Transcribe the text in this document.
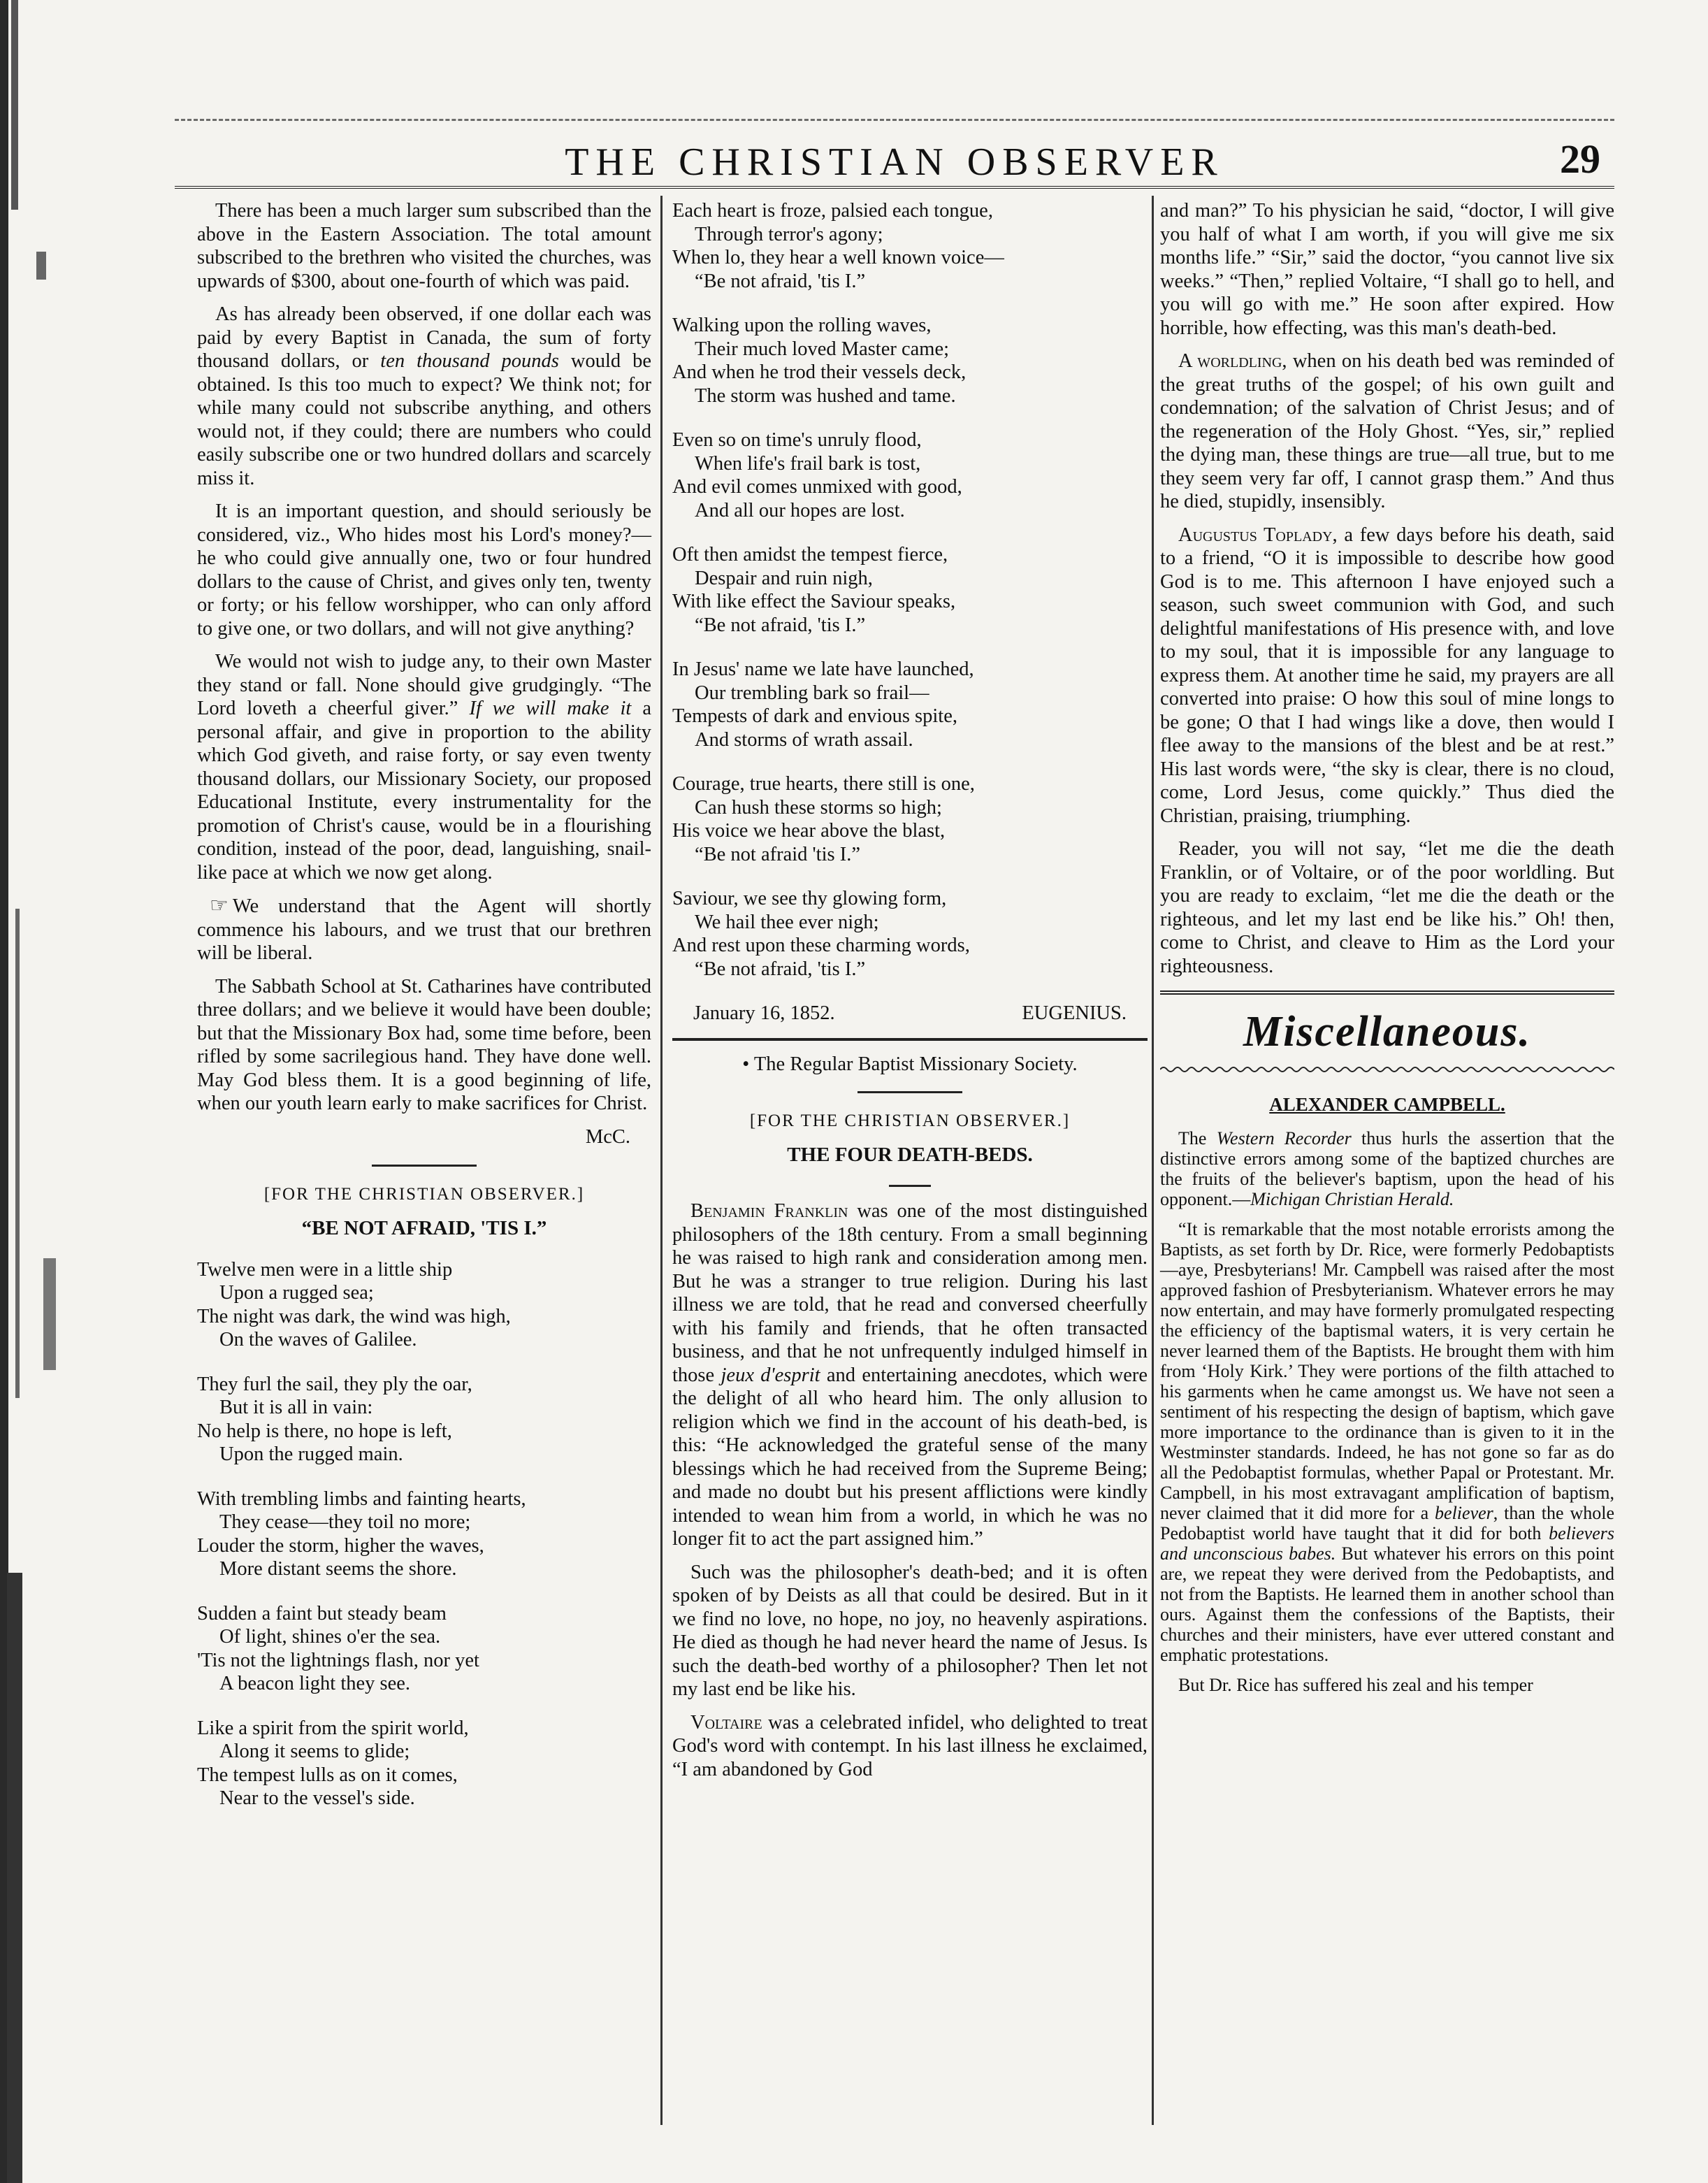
THE CHRISTIAN OBSERVER	29

There has been a much larger sum subscribed than the above in the Eastern Association. The total amount subscribed to the brethren who visited the churches, was upwards of $300, about one-fourth of which was paid.

As has already been observed, if one dollar each was paid by every Baptist in Canada, the sum of forty thousand dollars, or ten thousand pounds would be obtained. Is this too much to expect? We think not; for while many could not subscribe anything, and others would not, if they could; there are numbers who could easily subscribe one or two hundred dollars and scarcely miss it.

It is an important question, and should seriously be considered, viz., Who hides most his Lord's money?—he who could give annually one, two or four hundred dollars to the cause of Christ, and gives only ten, twenty or forty; or his fellow worshipper, who can only afford to give one, or two dollars, and will not give anything?

We would not wish to judge any, to their own Master they stand or fall. None should give grudgingly. “The Lord loveth a cheerful giver.” If we will make it a personal affair, and give in proportion to the ability which God giveth, and raise forty, or say even twenty thousand dollars, our Missionary Society, our proposed Educational Institute, every instrumentality for the promotion of Christ's cause, would be in a flourishing condition, instead of the poor, dead, languishing, snail-like pace at which we now get along.

☞ We understand that the Agent will shortly commence his labours, and we trust that our brethren will be liberal.

The Sabbath School at St. Catharines have contributed three dollars; and we believe it would have been double; but that the Missionary Box had, some time before, been rifled by some sacrilegious hand. They have done well. May God bless them. It is a good beginning of life, when our youth learn early to make sacrifices for Christ.

McC.
[FOR THE CHRISTIAN OBSERVER.]
“BE NOT AFRAID, 'TIS I.”
Twelve men were in a little ship
Upon a rugged sea;
The night was dark, the wind was high,
On the waves of Galilee.
They furl the sail, they ply the oar,
But it is all in vain:
No help is there, no hope is left,
Upon the rugged main.
With trembling limbs and fainting hearts,
They cease—they toil no more;
Louder the storm, higher the waves,
More distant seems the shore.
Sudden a faint but steady beam
Of light, shines o'er the sea.
'Tis not the lightnings flash, nor yet
A beacon light they see.
Like a spirit from the spirit world,
Along it seems to glide;
The tempest lulls as on it comes,
Near to the vessel's side.
Each heart is froze, palsied each tongue,
Through terror's agony;
When lo, they hear a well known voice—
“Be not afraid, 'tis I.”
Walking upon the rolling waves,
Their much loved Master came;
And when he trod their vessels deck,
The storm was hushed and tame.
Even so on time's unruly flood,
When life's frail bark is tost,
And evil comes unmixed with good,
And all our hopes are lost.
Oft then amidst the tempest fierce,
Despair and ruin nigh,
With like effect the Saviour speaks,
“Be not afraid, 'tis I.”
In Jesus' name we late have launched,
Our trembling bark so frail—
Tempests of dark and envious spite,
And storms of wrath assail.
Courage, true hearts, there still is one,
Can hush these storms so high;
His voice we hear above the blast,
“Be not afraid 'tis I.”
Saviour, we see thy glowing form,
We hail thee ever nigh;
And rest upon these charming words,
“Be not afraid, 'tis I.”
January 16, 1852.	EUGENIUS.
• The Regular Baptist Missionary Society.
[FOR THE CHRISTIAN OBSERVER.]
THE FOUR DEATH-BEDS.

Benjamin Franklin was one of the most distinguished philosophers of the 18th century. From a small beginning he was raised to high rank and consideration among men. But he was a stranger to true religion. During his last illness we are told, that he read and conversed cheerfully with his family and friends, that he often transacted business, and that he not unfrequently indulged himself in those jeux d'esprit and entertaining anecdotes, which were the delight of all who heard him. The only allusion to religion which we find in the account of his death-bed, is this: “He acknowledged the grateful sense of the many blessings which he had received from the Supreme Being; and made no doubt but his present afflictions were kindly intended to wean him from a world, in which he was no longer fit to act the part assigned him.”

Such was the philosopher's death-bed; and it is often spoken of by Deists as all that could be desired. But in it we find no love, no hope, no joy, no heavenly aspirations. He died as though he had never heard the name of Jesus. Is such the death-bed worthy of a philosopher? Then let not my last end be like his.

Voltaire was a celebrated infidel, who delighted to treat God's word with contempt. In his last illness he exclaimed, “I am abandoned by God

and man?” To his physician he said, “doctor, I will give you half of what I am worth, if you will give me six months life.” “Sir,” said the doctor, “you cannot live six weeks.” “Then,” replied Voltaire, “I shall go to hell, and you will go with me.” He soon after expired. How horrible, how effecting, was this man's death-bed.

A worldling, when on his death bed was reminded of the great truths of the gospel; of his own guilt and condemnation; of the salvation of Christ Jesus; and of the regeneration of the Holy Ghost. “Yes, sir,” replied the dying man, these things are true—all true, but to me they seem very far off, I cannot grasp them.” And thus he died, stupidly, insensibly.

Augustus Toplady, a few days before his death, said to a friend, “O it is impossible to describe how good God is to me. This afternoon I have enjoyed such a season, such sweet communion with God, and such delightful manifestations of His presence with, and love to my soul, that it is impossible for any language to express them. At another time he said, my prayers are all converted into praise: O how this soul of mine longs to be gone; O that I had wings like a dove, then would I flee away to the mansions of the blest and be at rest.” His last words were, “the sky is clear, there is no cloud, come, Lord Jesus, come quickly.” Thus died the Christian, praising, triumphing.

Reader, you will not say, “let me die the death Franklin, or of Voltaire, or of the poor worldling. But you are ready to exclaim, “let me die the death or the righteous, and let my last end be like his.” Oh! then, come to Christ, and cleave to Him as the Lord your righteousness.

Miscellaneous.
ALEXANDER CAMPBELL.

The Western Recorder thus hurls the assertion that the distinctive errors among some of the baptized churches are the fruits of the believer's baptism, upon the head of his opponent.—Michigan Christian Herald.

“It is remarkable that the most notable errorists among the Baptists, as set forth by Dr. Rice, were formerly Pedobaptists—aye, Presbyterians! Mr. Campbell was raised after the most approved fashion of Presbyterianism. Whatever errors he may now entertain, and may have formerly promulgated respecting the efficiency of the baptismal waters, it is very certain he never learned them of the Baptists. He brought them with him from ‘Holy Kirk.’ They were portions of the filth attached to his garments when he came amongst us. We have not seen a sentiment of his respecting the design of baptism, which gave more importance to the ordinance than is given to it in the Westminster standards. Indeed, he has not gone so far as do all the Pedobaptist formulas, whether Papal or Protestant. Mr. Campbell, in his most extravagant amplification of baptism, never claimed that it did more for a believer, than the whole Pedobaptist world have taught that it did for both believers and unconscious babes. But whatever his errors on this point are, we repeat they were derived from the Pedobaptists, and not from the Baptists. He learned them in another school than ours. Against them the confessions of the Baptists, their churches and their ministers, have ever uttered constant and emphatic protestations.

But Dr. Rice has suffered his zeal and his temper
